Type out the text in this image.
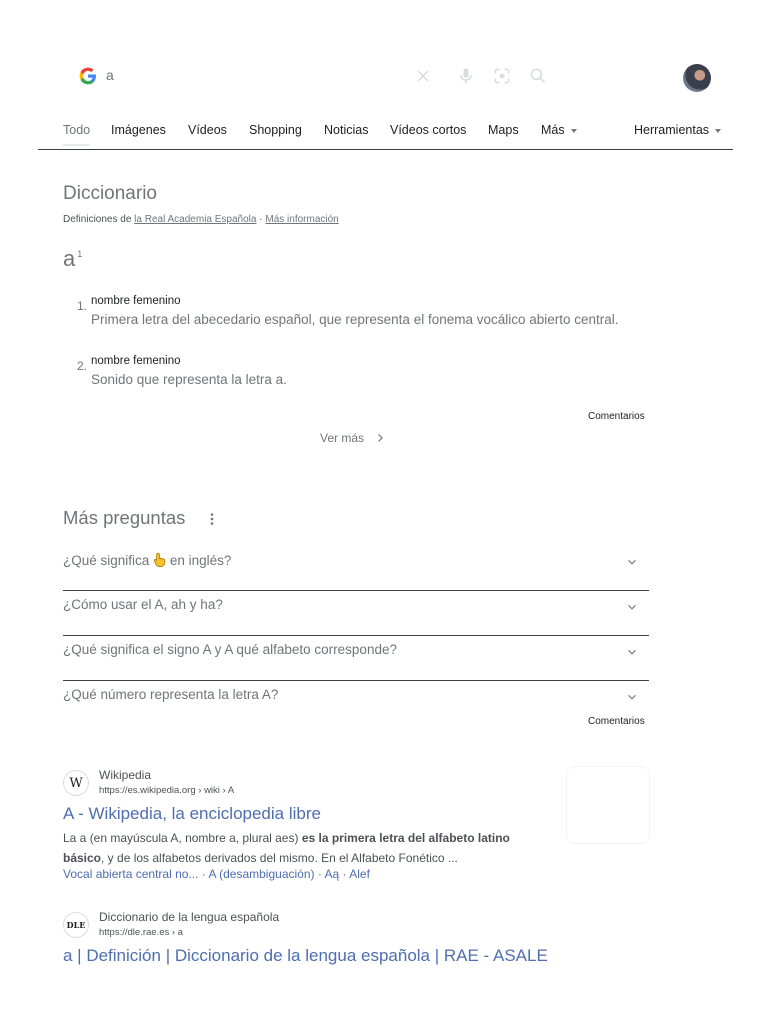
a
Todo Imágenes Vídeos Shopping Noticias Vídeos cortos Maps Más	Herramientas
Diccionario
Definiciones de la Real Academia Española · Más información
a $^1$
1. nombre femenino
Primera letra del abecedario español, que representa el fonema vocálico abierto central.
2. nombre femenino
Sonido que representa la letra a.
Comentarios
Ver más
Más preguntas
¿Qué significa en inglés?
¿Cómo usar el A, ah y ha?
¿Qué significa el signo A y A qué alfabeto corresponde?
¿Qué número representa la letra A?
Comentarios
W
Wikipedia
https://es.wikipedia.org › wiki › A
A - Wikipedia, la enciclopedia libre
La a (en mayúscula A, nombre a, plural aes) es la primera letra del alfabeto latino básico, y de los alfabetos derivados del mismo. En el Alfabeto Fonético ...
Vocal abierta central no... · A (desambiguación) · Aą · Alef
DLE
Diccionario de la lengua española
https://dle.rae.es › a
a | Definición | Diccionario de la lengua española | RAE - ASALE
